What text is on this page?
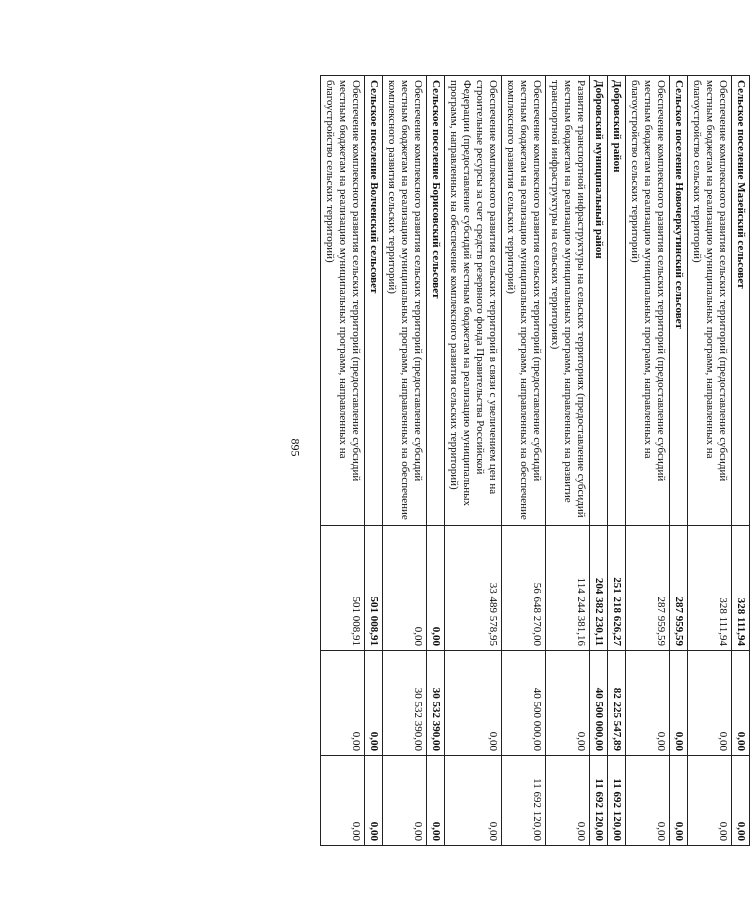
895
Сельское поселение Мазейский сельсовет	328 111,94	0,00	0,00
Обеспечение комплексного развития сельских территорий (предоставление субсидий местным бюджетам на реализацию муниципальных программ, направленных на благоустройство сельских территорий)	328 111,94	0,00	0,00
Сельское поселение Новочеркутинский сельсовет	287 959,59	0,00	0,00
Обеспечение комплексного развития сельских территорий (предоставление субсидий местным бюджетам на реализацию муниципальных программ, направленных на благоустройство сельских территорий)	287 959,59	0,00	0,00
Добровский район	251 218 626,27	82 225 547,89	11 692 120,00
Добровский муниципальный район	204 382 230,11	40 500 000,00	11 692 120,00
Развитие транспортной инфраструктуры на сельских территориях (предоставление субсидий местным бюджетам на реализацию муниципальных программ, направленных на развитие транспортной инфраструктуры на сельских территориях)	114 244 381,16	0,00	0,00
Обеспечение комплексного развития сельских территорий (предоставление субсидий местным бюджетам на реализацию муниципальных программ, направленных на обеспечение комплексного развития сельских территорий)	56 648 270,00	40 500 000,00	11 692 120,00
Обеспечение комплексного развития сельских территорий в связи с увеличением цен на строительные ресурсы за счет средств резервного фонда Правительства Российской Федерации (предоставление субсидий местным бюджетам на реализацию муниципальных программ, направленных на обеспечение комплексного развития сельских территорий)	33 489 578,95	0,00	0,00
Сельское поселение Борисовский сельсовет	0,00	30 532 390,00	0,00
Обеспечение комплексного развития сельских территорий (предоставление субсидий местным бюджетам на реализацию муниципальных программ, направленных на обеспечение комплексного развития сельских территорий)	0,00	30 532 390,00	0,00
Сельское поселение Волченский сельсовет	501 008,91	0,00	0,00
Обеспечение комплексного развития сельских территорий (предоставление субсидий местным бюджетам на реализацию муниципальных программ, направленных на благоустройство сельских территорий)	501 008,91	0,00	0,00
